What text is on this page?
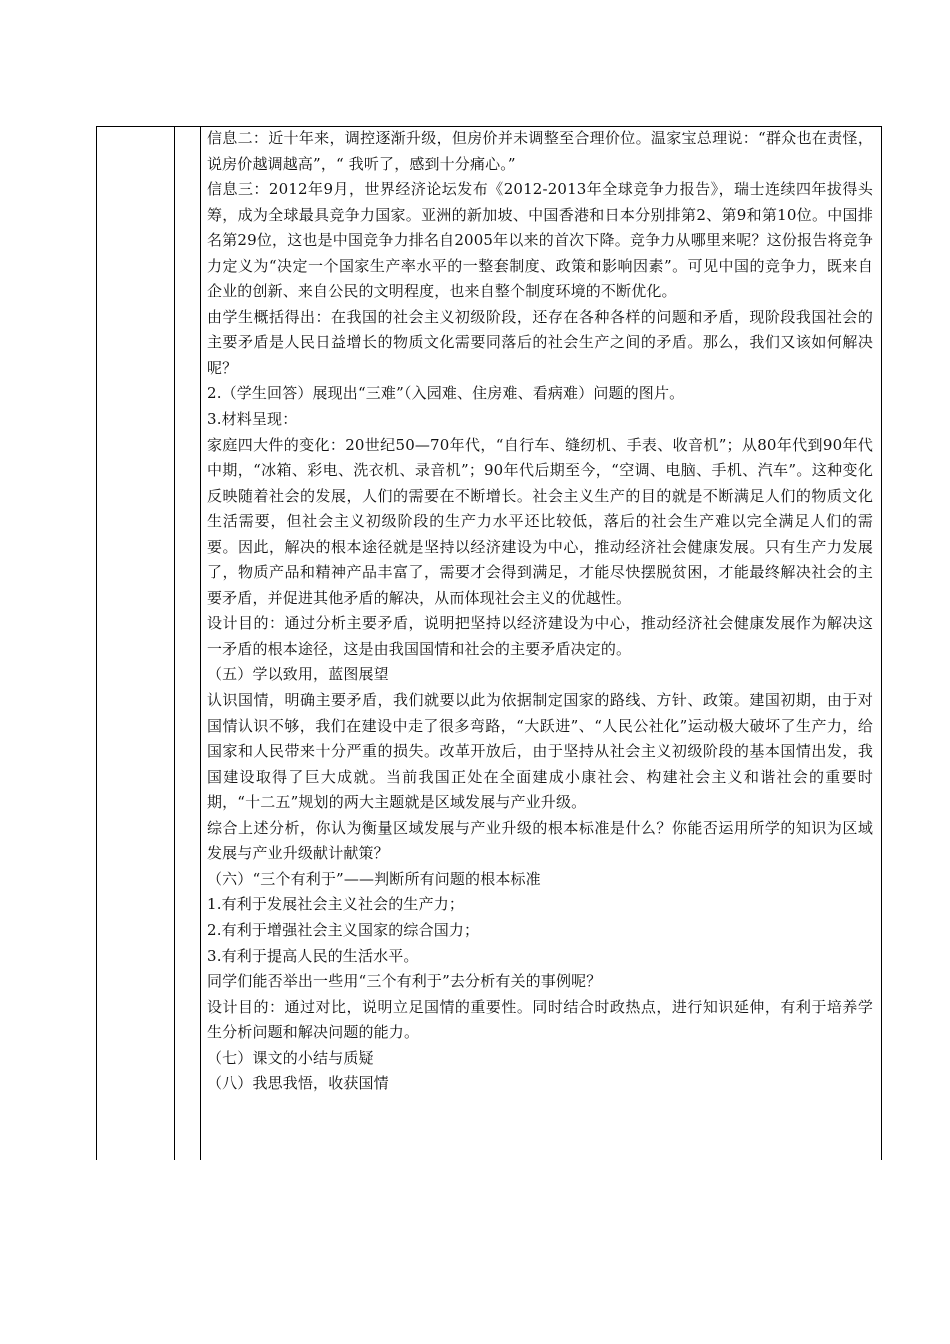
信息二：近十年来，调控逐渐升级，但房价并未调整至合理价位。温家宝总理说：“群众也在责怪，说房价越调越高”，“ 我听了，感到十分痛心。”

信息三：2012年9月，世界经济论坛发布《2012-2013年全球竞争力报告》，瑞士连续四年拔得头筹，成为全球最具竞争力国家。亚洲的新加坡、中国香港和日本分别排第2、第9和第10位。中国排名第29位，这也是中国竞争力排名自2005年以来的首次下降。竞争力从哪里来呢？这份报告将竞争力定义为“决定一个国家生产率水平的一整套制度、政策和影响因素”。可见中国的竞争力，既来自企业的创新、来自公民的文明程度，也来自整个制度环境的不断优化。

由学生概括得出：在我国的社会主义初级阶段，还存在各种各样的问题和矛盾，现阶段我国社会的主要矛盾是人民日益增长的物质文化需要同落后的社会生产之间的矛盾。那么，我们又该如何解决呢？

2.（学生回答）展现出“三难”（入园难、住房难、看病难）问题的图片。

3.材料呈现：

家庭四大件的变化：20世纪50—70年代，“自行车、缝纫机、手表、收音机”；从80年代到90年代中期，“冰箱、彩电、洗衣机、录音机”；90年代后期至今，“空调、电脑、手机、汽车”。这种变化反映随着社会的发展，人们的需要在不断增长。社会主义生产的目的就是不断满足人们的物质文化生活需要，但社会主义初级阶段的生产力水平还比较低，落后的社会生产难以完全满足人们的需要。因此，解决的根本途径就是坚持以经济建设为中心，推动经济社会健康发展。只有生产力发展了，物质产品和精神产品丰富了，需要才会得到满足，才能尽快摆脱贫困，才能最终解决社会的主要矛盾，并促进其他矛盾的解决，从而体现社会主义的优越性。

设计目的：通过分析主要矛盾，说明把坚持以经济建设为中心，推动经济社会健康发展作为解决这一矛盾的根本途径，这是由我国国情和社会的主要矛盾决定的。

（五）学以致用，蓝图展望

认识国情，明确主要矛盾，我们就要以此为依据制定国家的路线、方针、政策。建国初期，由于对国情认识不够，我们在建设中走了很多弯路，“大跃进”、“人民公社化”运动极大破坏了生产力，给国家和人民带来十分严重的损失。改革开放后，由于坚持从社会主义初级阶段的基本国情出发，我国建设取得了巨大成就。当前我国正处在全面建成小康社会、构建社会主义和谐社会的重要时期，“十二五”规划的两大主题就是区域发展与产业升级。

综合上述分析，你认为衡量区域发展与产业升级的根本标准是什么？你能否运用所学的知识为区域发展与产业升级献计献策？

（六）“三个有利于”——判断所有问题的根本标准

1.有利于发展社会主义社会的生产力；

2.有利于增强社会主义国家的综合国力；

3.有利于提高人民的生活水平。

同学们能否举出一些用“三个有利于”去分析有关的事例呢？

设计目的：通过对比，说明立足国情的重要性。同时结合时政热点，进行知识延伸，有利于培养学生分析问题和解决问题的能力。

（七）课文的小结与质疑

（八）我思我悟，收获国情
